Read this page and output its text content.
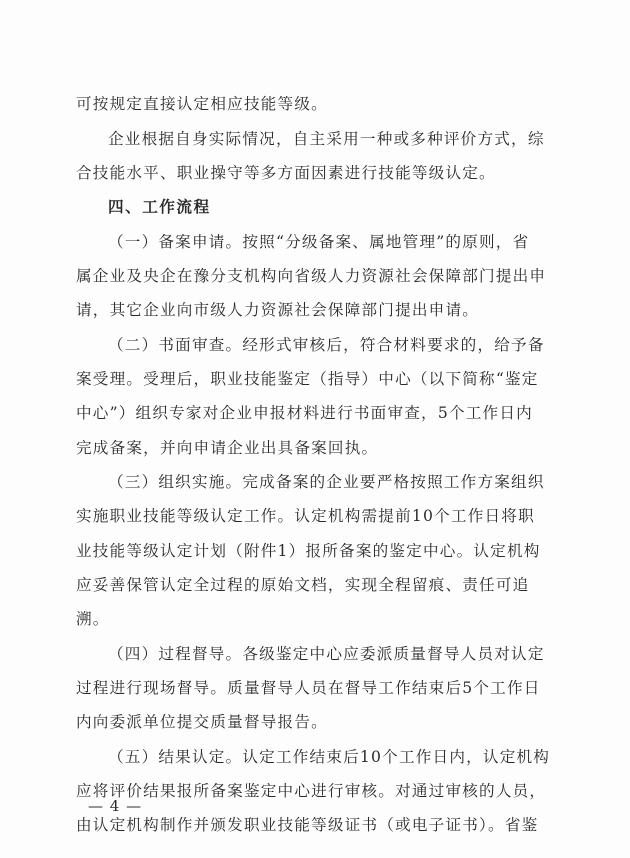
可按规定直接认定相应技能等级。
企业根据自身实际情况，自主采用一种或多种评价方式，综
合技能水平、职业操守等多方面因素进行技能等级认定。
四、工作流程
（一）备案申请。按照“分级备案、属地管理”的原则，省
属企业及央企在豫分支机构向省级人力资源社会保障部门提出申
请，其它企业向市级人力资源社会保障部门提出申请。
（二）书面审查。经形式审核后，符合材料要求的，给予备
案受理。受理后，职业技能鉴定（指导）中心（以下简称“鉴定
中心”）组织专家对企业申报材料进行书面审查，5个工作日内
完成备案，并向申请企业出具备案回执。
（三）组织实施。完成备案的企业要严格按照工作方案组织
实施职业技能等级认定工作。认定机构需提前10个工作日将职
业技能等级认定计划（附件1）报所备案的鉴定中心。认定机构
应妥善保管认定全过程的原始文档，实现全程留痕、责任可追
溯。
（四）过程督导。各级鉴定中心应委派质量督导人员对认定
过程进行现场督导。质量督导人员在督导工作结束后5个工作日
内向委派单位提交质量督导报告。
（五）结果认定。认定工作结束后10个工作日内，认定机构
应将评价结果报所备案鉴定中心进行审核。对通过审核的人员，
由认定机构制作并颁发职业技能等级证书（或电子证书）。省鉴
— 4 —
